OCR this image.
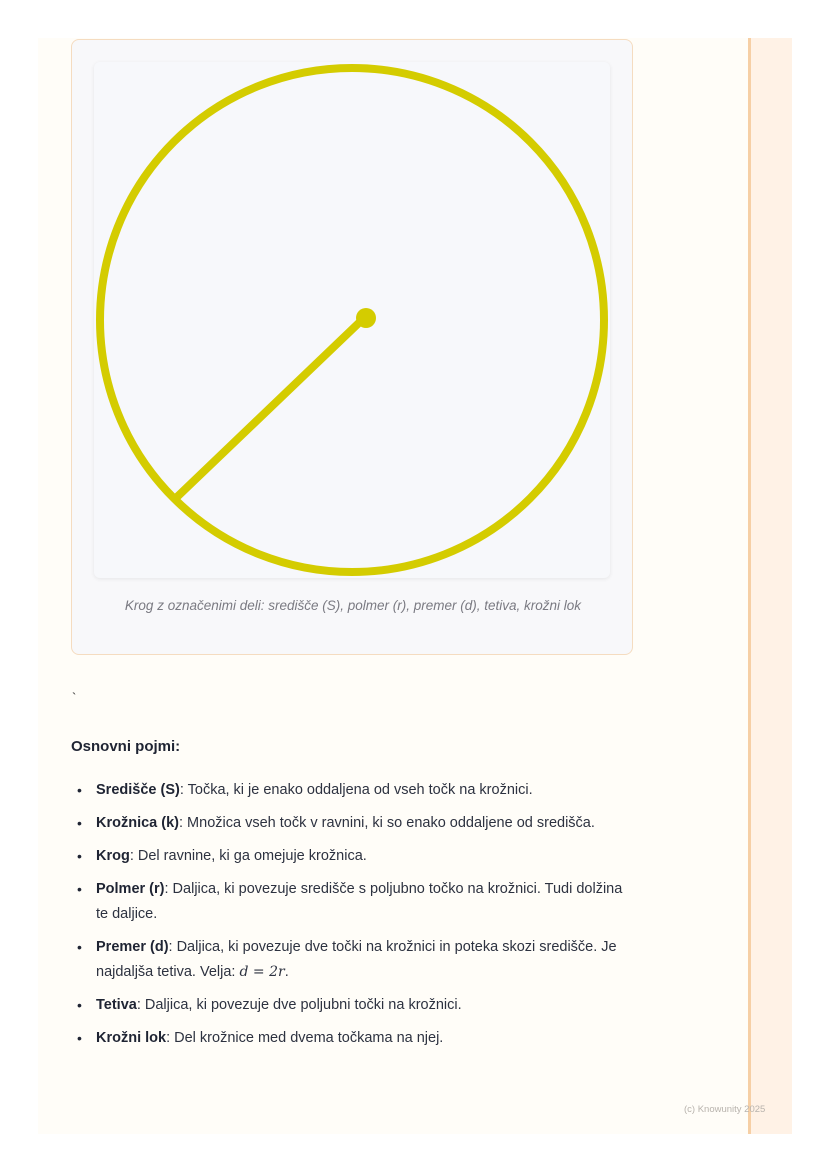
Krog z označenimi deli: središče (S), polmer (r), premer (d), tetiva, krožni lok
`
Osnovni pojmi:
• Središče (S): Točka, ki je enako oddaljena od vseh točk na krožnici.
• Krožnica (k): Množica vseh točk v ravnini, ki so enako oddaljene od središča.
• Krog: Del ravnine, ki ga omejuje krožnica.
• Polmer (r): Daljica, ki povezuje središče s poljubno točko na krožnici. Tudi dolžina te daljice.
• Premer (d): Daljica, ki povezuje dve točki na krožnici in poteka skozi središče. Je najdaljša tetiva. Velja: d = 2r.
• Tetiva: Daljica, ki povezuje dve poljubni točki na krožnici.
• Krožni lok: Del krožnice med dvema točkama na njej.
(c) Knowunity 2025
